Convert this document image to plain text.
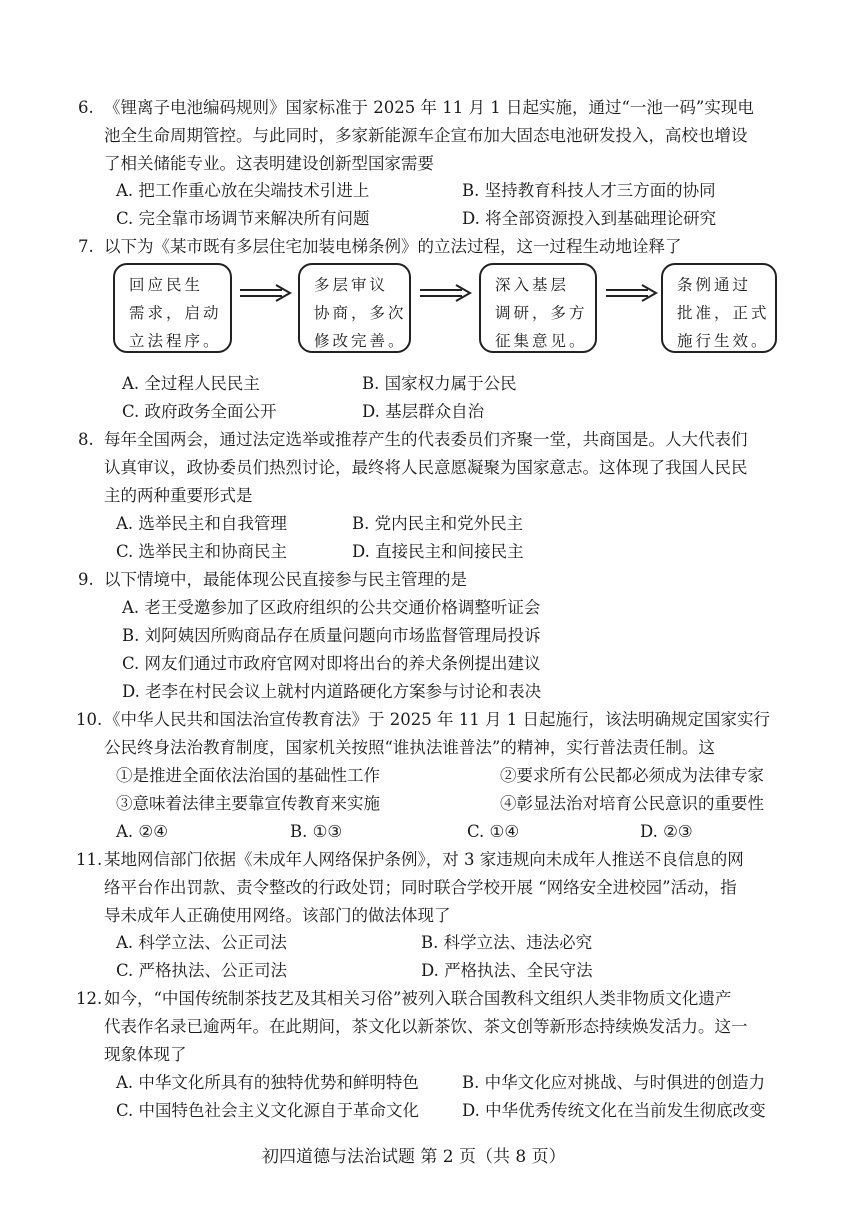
6. 《锂离子电池编码规则》国家标准于 2025 年 11 月 1 日起实施，通过“一池一码”实现电
池全生命周期管控。与此同时，多家新能源车企宣布加大固态电池研发投入，高校也增设
了相关储能专业。这表明建设创新型国家需要
A. 把工作重心放在尖端技术引进上	B. 坚持教育科技人才三方面的协同
C. 完全靠市场调节来解决所有问题	D. 将全部资源投入到基础理论研究
7. 以下为《某市既有多层住宅加装电梯条例》的立法过程，这一过程生动地诠释了
回应民生
需求，启动
立法程序。
多层审议
协商，多次
修改完善。
深入基层
调研，多方
征集意见。
条例通过
批准，正式
施行生效。
A. 全过程人民民主	B. 国家权力属于公民
C. 政府政务全面公开	D. 基层群众自治
8. 每年全国两会，通过法定选举或推荐产生的代表委员们齐聚一堂，共商国是。人大代表们
认真审议，政协委员们热烈讨论，最终将人民意愿凝聚为国家意志。这体现了我国人民民
主的两种重要形式是
A. 选举民主和自我管理	B. 党内民主和党外民主
C. 选举民主和协商民主	D. 直接民主和间接民主
9. 以下情境中，最能体现公民直接参与民主管理的是
A. 老王受邀参加了区政府组织的公共交通价格调整听证会
B. 刘阿姨因所购商品存在质量问题向市场监督管理局投诉
C. 网友们通过市政府官网对即将出台的养犬条例提出建议
D. 老李在村民会议上就村内道路硬化方案参与讨论和表决
10. 《中华人民共和国法治宣传教育法》于 2025 年 11 月 1 日起施行，该法明确规定国家实行
公民终身法治教育制度，国家机关按照“谁执法谁普法”的精神，实行普法责任制。这
①是推进全面依法治国的基础性工作	②要求所有公民都必须成为法律专家
③意味着法律主要靠宣传教育来实施	④彰显法治对培育公民意识的重要性
A. ②④	B. ①③	C. ①④	D. ②③
11. 某地网信部门依据《未成年人网络保护条例》，对 3 家违规向未成年人推送不良信息的网
络平台作出罚款、责令整改的行政处罚；同时联合学校开展 “网络安全进校园”活动，指
导未成年人正确使用网络。该部门的做法体现了
A. 科学立法、公正司法	B. 科学立法、违法必究
C. 严格执法、公正司法	D. 严格执法、全民守法
12. 如今，“中国传统制茶技艺及其相关习俗”被列入联合国教科文组织人类非物质文化遗产
代表作名录已逾两年。在此期间，茶文化以新茶饮、茶文创等新形态持续焕发活力。这一
现象体现了
A. 中华文化所具有的独特优势和鲜明特色	B. 中华文化应对挑战、与时俱进的创造力
C. 中国特色社会主义文化源自于革命文化	D. 中华优秀传统文化在当前发生彻底改变
初四道德与法治试题 第 2 页（共 8 页）
